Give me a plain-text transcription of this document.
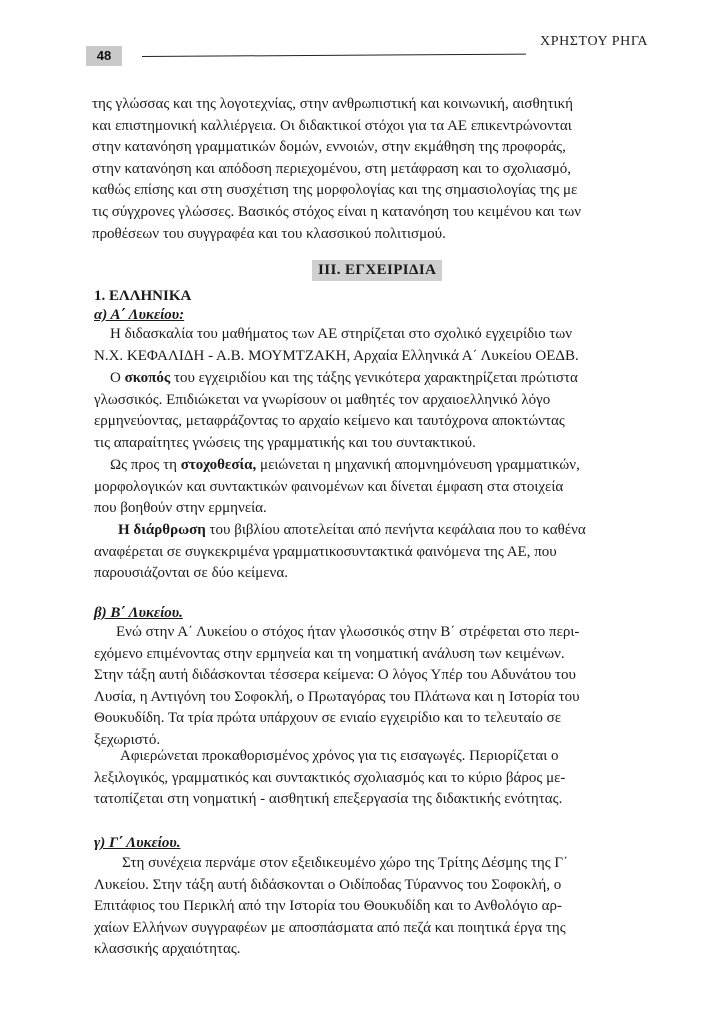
48
ΧΡΗΣΤΟΥ ΡΗΓΑ
της γλώσσας και της λογοτεχνίας, στην ανθρωπιστική και κοινωνική, αισθητική
και επιστημονική καλλιέργεια. Οι διδακτικοί στόχοι για τα ΑΕ επικεντρώνονται
στην κατανόηση γραμματικών δομών, εννοιών, στην εκμάθηση της προφοράς,
στην κατανόηση και απόδοση περιεχομένου, στη μετάφραση και το σχολιασμό,
καθώς επίσης και στη συσχέτιση της μορφολογίας και της σημασιολογίας της με
τις σύγχρονες γλώσσες. Βασικός στόχος είναι η κατανόηση του κειμένου και των
προθέσεων του συγγραφέα και του κλασσικού πολιτισμού.
III. ΕΓΧΕΙΡΙΔΙΑ
1. ΕΛΛΗΝΙΚΑ
α) Α΄ Λυκείου:
Η διδασκαλία του μαθήματος των ΑΕ στηρίζεται στο σχολικό εγχειρίδιο των
Ν.Χ. ΚΕΦΑΛΙΔΗ - Α.Β. ΜΟΥΜΤΖΑΚΗ, Αρχαία Ελληνικά Α΄ Λυκείου ΟΕΔΒ.
Ο σκοπός του εγχειριδίου και της τάξης γενικότερα χαρακτηρίζεται πρώτιστα
γλωσσικός. Επιδιώκεται να γνωρίσουν οι μαθητές τον αρχαιοελληνικό λόγο
ερμηνεύοντας, μεταφράζοντας το αρχαίο κείμενο και ταυτόχρονα αποκτώντας
τις απαραίτητες γνώσεις της γραμματικής και του συντακτικού.
Ως προς τη στοχοθεσία, μειώνεται η μηχανική απομνημόνευση γραμματικών,
μορφολογικών και συντακτικών φαινομένων και δίνεται έμφαση στα στοιχεία
που βοηθούν στην ερμηνεία.
Η διάρθρωση του βιβλίου αποτελείται από πενήντα κεφάλαια που το καθένα
αναφέρεται σε συγκεκριμένα γραμματικοσυντακτικά φαινόμενα της ΑΕ, που
παρουσιάζονται σε δύο κείμενα.
β) Β΄ Λυκείου.
Ενώ στην Α΄ Λυκείου ο στόχος ήταν γλωσσικός στην Β΄ στρέφεται στο περι-
εχόμενο επιμένοντας στην ερμηνεία και τη νοηματική ανάλυση των κειμένων.
Στην τάξη αυτή διδάσκονται τέσσερα κείμενα: Ο λόγος Υπέρ του Αδυνάτου του
Λυσία, η Αντιγόνη του Σοφοκλή, ο Πρωταγόρας του Πλάτωνα και η Ιστορία του
Θουκυδίδη. Τα τρία πρώτα υπάρχουν σε ενιαίο εγχειρίδιο και το τελευταίο σε
ξεχωριστό.
Αφιερώνεται προκαθορισμένος χρόνος για τις εισαγωγές. Περιορίζεται ο
λεξιλογικός, γραμματικός και συντακτικός σχολιασμός και το κύριο βάρος με-
τατοπίζεται στη νοηματική - αισθητική επεξεργασία της διδακτικής ενότητας.
γ) Γ΄ Λυκείου.
Στη συνέχεια περνάμε στον εξειδικευμένο χώρο της Τρίτης Δέσμης της Γ΄
Λυκείου. Στην τάξη αυτή διδάσκονται ο Οιδίποδας Τύραννος του Σοφοκλή, ο
Επιτάφιος του Περικλή από την Ιστορία του Θουκυδίδη και το Ανθολόγιο αρ-
χαίων Ελλήνων συγγραφέων με αποσπάσματα από πεζά και ποιητικά έργα της
κλασσικής αρχαιότητας.
